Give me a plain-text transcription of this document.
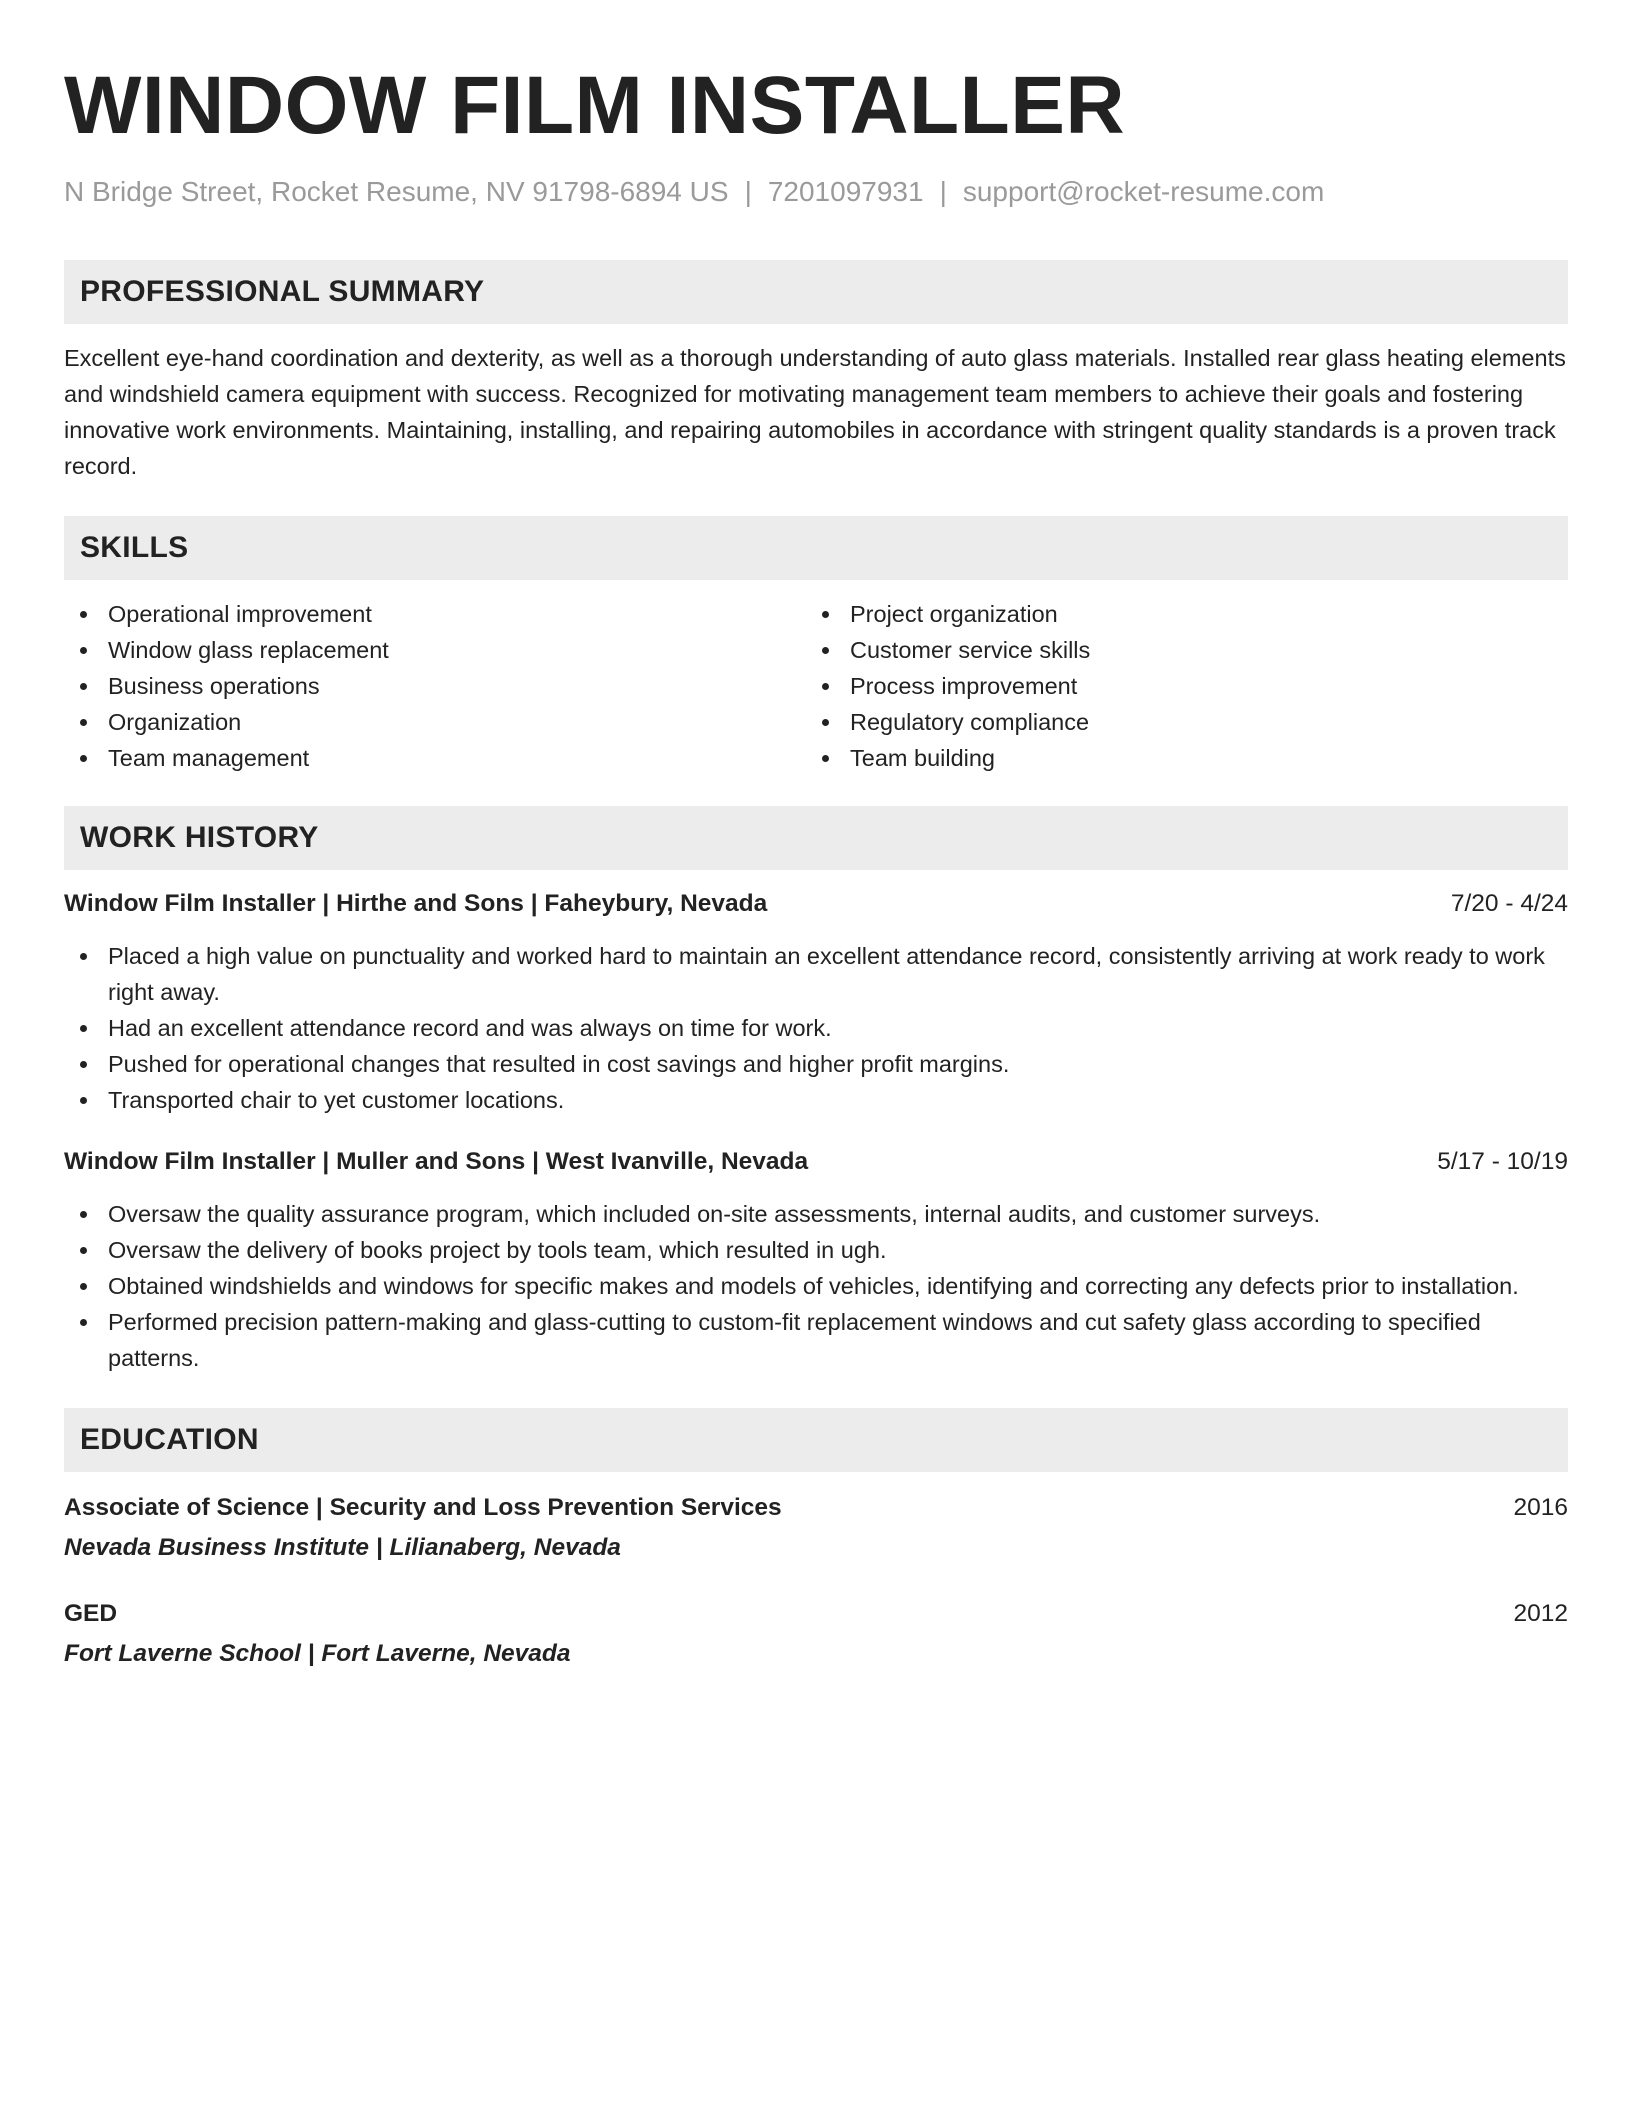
WINDOW FILM INSTALLER
N Bridge Street, Rocket Resume, NV 91798-6894 US | 7201097931 | support@rocket-resume.com
PROFESSIONAL SUMMARY
Excellent eye-hand coordination and dexterity, as well as a thorough understanding of auto glass materials. Installed rear glass heating elements and windshield camera equipment with success. Recognized for motivating management team members to achieve their goals and fostering innovative work environments. Maintaining, installing, and repairing automobiles in accordance with stringent quality standards is a proven track record.
SKILLS
Operational improvement
Window glass replacement
Business operations
Organization
Team management
Project organization
Customer service skills
Process improvement
Regulatory compliance
Team building
WORK HISTORY
Window Film Installer | Hirthe and Sons | Faheybury, Nevada	7/20 - 4/24
Placed a high value on punctuality and worked hard to maintain an excellent attendance record, consistently arriving at work ready to work right away.
Had an excellent attendance record and was always on time for work.
Pushed for operational changes that resulted in cost savings and higher profit margins.
Transported chair to yet customer locations.
Window Film Installer | Muller and Sons | West Ivanville, Nevada	5/17 - 10/19
Oversaw the quality assurance program, which included on-site assessments, internal audits, and customer surveys.
Oversaw the delivery of books project by tools team, which resulted in ugh.
Obtained windshields and windows for specific makes and models of vehicles, identifying and correcting any defects prior to installation.
Performed precision pattern-making and glass-cutting to custom-fit replacement windows and cut safety glass according to specified patterns.
EDUCATION
Associate of Science | Security and Loss Prevention Services	2016
Nevada Business Institute | Lilianaberg, Nevada
GED	2012
Fort Laverne School | Fort Laverne, Nevada
